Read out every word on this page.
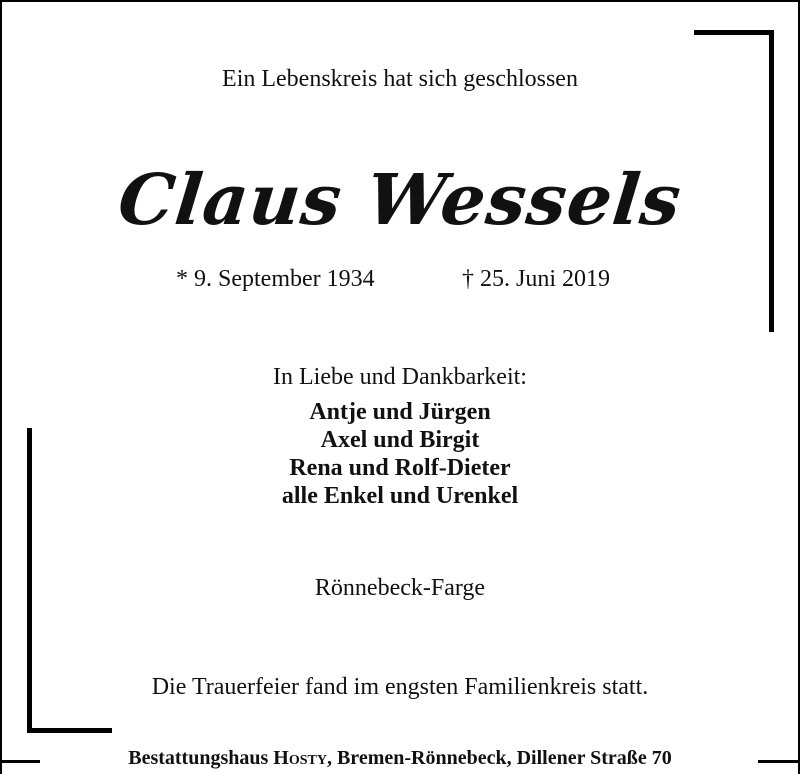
Ein Lebenskreis hat sich geschlossen
Claus Wessels
* 9. September 1934	† 25. Juni 2019
In Liebe und Dankbarkeit:
Antje und Jürgen
Axel und Birgit
Rena und Rolf-Dieter
alle Enkel und Urenkel
Rönnebeck-Farge
Die Trauerfeier fand im engsten Familienkreis statt.
Bestattungshaus Hosty, Bremen-Rönnebeck, Dillener Straße 70
